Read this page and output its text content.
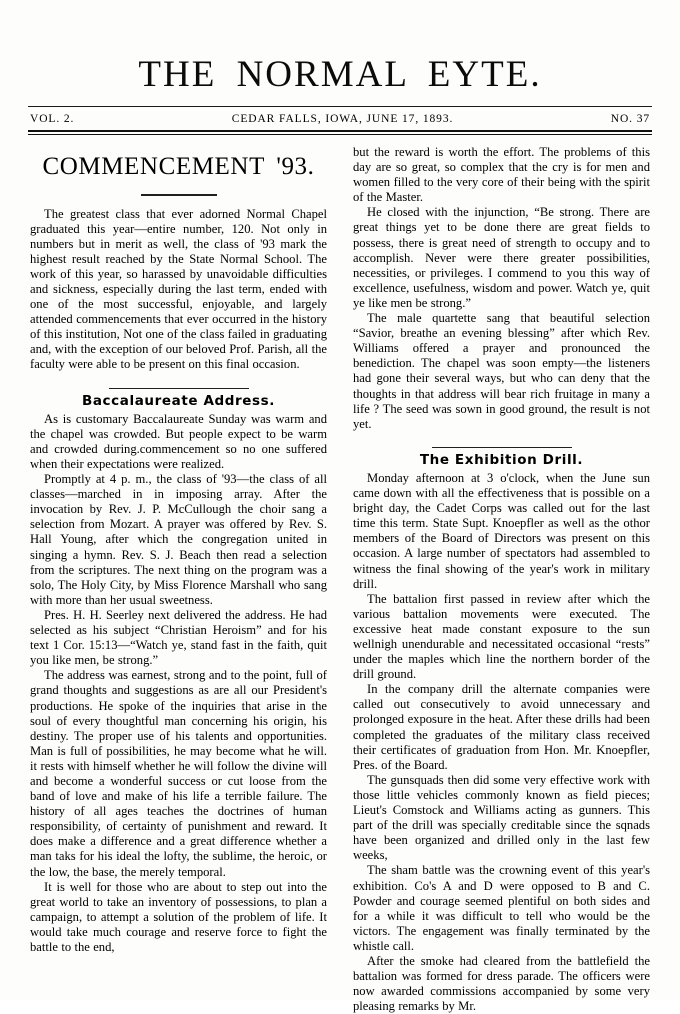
THE NORMAL EYTE.
VOL. 2.	CEDAR FALLS, IOWA, JUNE 17, 1893.	NO. 37
COMMENCEMENT '93.

The greatest class that ever adorned Normal Chapel graduated this year—entire number, 120. Not only in numbers but in merit as well, the class of '93 mark the highest result reached by the State Normal School. The work of this year, so harassed by unavoidable difficulties and sickness, especially during the last term, ended with one of the most successful, enjoyable, and largely attended commencements that ever occurred in the history of this institution, Not one of the class failed in graduating and, with the exception of our beloved Prof. Parish, all the faculty were able to be present on this final occasion.

Baccalaureate Address.

As is customary Baccalaureate Sunday was warm and the chapel was crowded. But people expect to be warm and crowded during.commencement so no one suffered when their expectations were realized.

Promptly at 4 p. m., the class of '93—the class of all classes—marched in in imposing array. After the invocation by Rev. J. P. McCullough the choir sang a selection from Mozart. A prayer was offered by Rev. S. Hall Young, after which the congregation united in singing a hymn. Rev. S. J. Beach then read a selection from the scriptures. The next thing on the program was a solo, The Holy City, by Miss Florence Marshall who sang with more than her usual sweetness.

Pres. H. H. Seerley next delivered the address. He had selected as his subject “Christian Heroism” and for his text 1 Cor. 15:13—“Watch ye, stand fast in the faith, quit you like men, be strong.”

The address was earnest, strong and to the point, full of grand thoughts and suggestions as are all our President's productions. He spoke of the inquiries that arise in the soul of every thoughtful man concerning his origin, his destiny. The proper use of his talents and opportunities. Man is full of possibilities, he may become what he will. it rests with himself whether he will follow the divine will and become a wonderful success or cut loose from the band of love and make of his life a terrible failure. The history of all ages teaches the doctrines of human responsibility, of certainty of punishment and reward. It does make a difference and a great difference whether a man taks for his ideal the lofty, the sublime, the heroic, or the low, the base, the merely temporal.

It is well for those who are about to step out into the great world to take an inventory of possessions, to plan a campaign, to attempt a solution of the problem of life. It would take much courage and reserve force to fight the battle to the end,

but the reward is worth the effort. The problems of this day are so great, so complex that the cry is for men and women filled to the very core of their being with the spirit of the Master.

He closed with the injunction, “Be strong. There are great things yet to be done there are great fields to possess, there is great need of strength to occupy and to accomplish. Never were there greater possibilities, necessities, or privileges. I commend to you this way of excellence, usefulness, wisdom and power. Watch ye, quit ye like men be strong.”

The male quartette sang that beautiful selection “Savior, breathe an evening blessing” after which Rev. Williams offered a prayer and pronounced the benediction. The chapel was soon empty—the listeners had gone their several ways, but who can deny that the thoughts in that address will bear rich fruitage in many a life ? The seed was sown in good ground, the result is not yet.

The Exhibition Drill.

Monday afternoon at 3 o'clock, when the June sun came down with all the effectiveness that is possible on a bright day, the Cadet Corps was called out for the last time this term. State Supt. Knoepfler as well as the othor members of the Board of Directors was present on this occasion. A large number of spectators had assembled to witness the final showing of the year's work in military drill.

The battalion first passed in review after which the various battalion movements were executed. The excessive heat made constant exposure to the sun wellnigh unendurable and necessitated occasional “rests” under the maples which line the northern border of the drill ground.

In the company drill the alternate companies were called out consecutively to avoid unnecessary and prolonged exposure in the heat. After these drills had been completed the graduates of the military class received their certificates of graduation from Hon. Mr. Knoepfler, Pres. of the Board.

The gunsquads then did some very effective work with those little vehicles commonly known as field pieces; Lieut's Comstock and Williams acting as gunners. This part of the drill was specially creditable since the sqnads have been organized and drilled only in the last few weeks,

The sham battle was the crowning event of this year's exhibition. Co's A and D were opposed to B and C. Powder and courage seemed plentiful on both sides and for a while it was difficult to tell who would be the victors. The engagement was finally terminated by the whistle call.

After the smoke had cleared from the battlefield the battalion was formed for dress parade. The officers were now awarded commissions accompanied by some very pleasing remarks by Mr.
